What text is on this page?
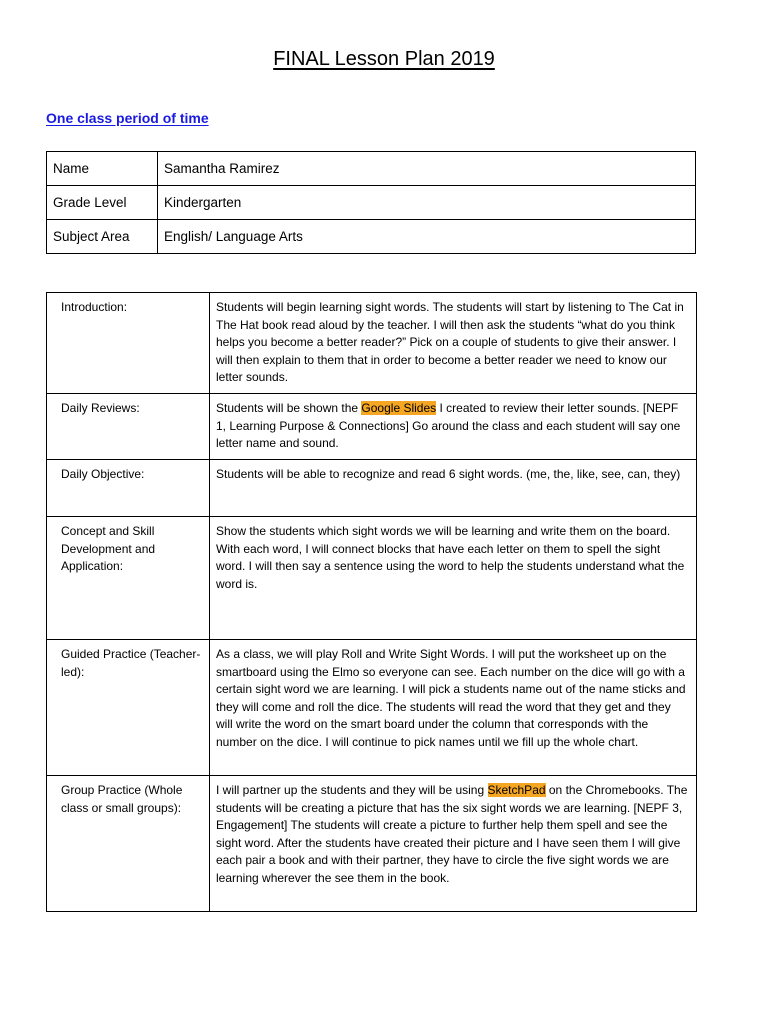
FINAL Lesson Plan 2019
One class period of time
Name	Samantha Ramirez
Grade Level	Kindergarten
Subject Area	English/ Language Arts
Introduction:	Students will begin learning sight words. The students will start by listening to The Cat in The Hat book read aloud by the teacher. I will then ask the students “what do you think helps you become a better reader?” Pick on a couple of students to give their answer. I will then explain to them that in order to become a better reader we need to know our letter sounds.
Daily Reviews:	Students will be shown the Google Slides I created to review their letter sounds. [NEPF 1, Learning Purpose & Connections] Go around the class and each student will say one letter name and sound.
Daily Objective:	Students will be able to recognize and read 6 sight words. (me, the, like, see, can, they)
Concept and Skill Development and Application:	Show the students which sight words we will be learning and write them on the board. With each word, I will connect blocks that have each letter on them to spell the sight word. I will then say a sentence using the word to help the students understand what the word is.
Guided Practice (Teacher-led):	As a class, we will play Roll and Write Sight Words. I will put the worksheet up on the smartboard using the Elmo so everyone can see. Each number on the dice will go with a certain sight word we are learning. I will pick a students name out of the name sticks and they will come and roll the dice. The students will read the word that they get and they will write the word on the smart board under the column that corresponds with the number on the dice. I will continue to pick names until we fill up the whole chart.
Group Practice (Whole class or small groups):	I will partner up the students and they will be using SketchPad on the Chromebooks. The students will be creating a picture that has the six sight words we are learning. [NEPF 3, Engagement] The students will create a picture to further help them spell and see the sight word. After the students have created their picture and I have seen them I will give each pair a book and with their partner, they have to circle the five sight words we are learning wherever the see them in the book.
